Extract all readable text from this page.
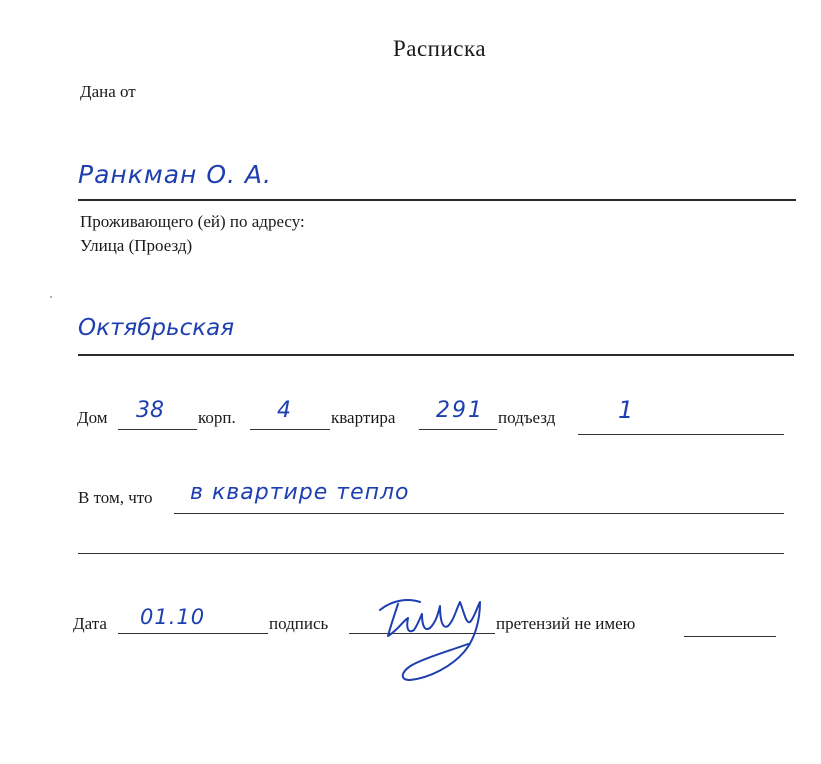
Расписка
Дана от
Ранкман О. А.
Проживающего (ей) по адресу:
Улица (Проезд)
Октябрьская
Дом 38 корп. 4 квартира 291 подъезд	1
В том, что в квартире тепло
Дата 01.10	подпись	претензий не имею
